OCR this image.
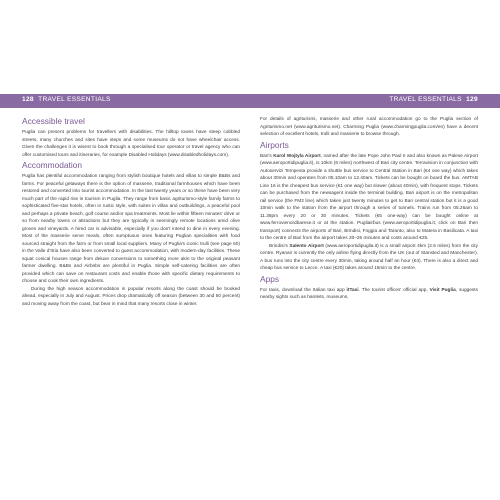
128 TRAVEL ESSENTIALS	TRAVEL ESSENTIALS 129
Accessible travel

Puglia can present problems for travellers with disabilities. The hilltop towns have steep cobbled streets, many churches and sites have steps and some museums do not have wheelchair access. Given the challenges it is wisest to book through a specialised tour operator or travel agency who can offer customised tours and itineraries, for example Disabled Holidays (www.disabledholidays.com).

Accommodation

Puglia has plentiful accommodation ranging from stylish boutique hotels and villas to simple B&Bs and farms. For peaceful getaways there is the option of masserie, traditional farmhouses which have been restored and converted into tourist accommodation. In the last twenty years or so these have been very much part of the rapid rise in tourism in Puglia. They range from basic agriturismo-style family farms to sophisticated five-star hotels, often in rustic style, with suites in villas and outbuildings, a peaceful pool and perhaps a private beach, golf course and/or spa treatments. Most lie within fifteen minutes' drive or so from nearby towns or attractions but they are typically in seemingly remote locations amid olive groves and vineyards. A hired car is advisable, especially if you don't intend to dine in every evening. Most of the masserie serve meals, often sumptuous ones featuring Puglian specialities with food sourced straight from the farm or from small local suppliers. Many of Puglia's iconic trulli (see page 60) in the Valle d'Itria have also been converted to guest accommodation, with modern-day facilities. These squat conical houses range from deluxe conversions to something more akin to the original peasant farmer dwelling. B&Bs and Airbnbs are plentiful in Puglia. Simple self-catering facilities are often provided which can save on restaurant costs and enable those with specific dietary requirements to choose and cook their own ingredients.

During the high season accommodation in popular resorts along the coast should be booked ahead, especially in July and August. Prices drop dramatically off season (between 30 and 50 percent) and moving away from the coast, but bear in mind that many resorts close in winter.

For details of agriturismi, masserie and other rural accommodation go to the Puglia section of Agriturismo.net (www.agriturismo.net). Charming Puglia (www.charmingpuglia.com/en) have a decent selection of excellent hotels, trulli and masserie to browse through.

Airports

Bari's Karol Wojtyla Airport, named after the late Pope John Paul II and also known as Palese Airport (www.aeroportidipuglia.it), is 10km (6 miles) northwest of Bari city centre. Terravision in conjunction with Autoservizi Tempesta provide a shuttle bus service to Central Station in Bari (€4 one way) which takes about 30min and operates from 05.10am to 12.40am. Tickets can be bought on board the bus. AMTAB Line 16 is the cheapest bus service (€1 one way) but slower (about 40min), with frequent stops. Tickets can be purchased from the newsagent inside the terminal building. Bari airport is on the metropolitan rail service (the FM2 line) which takes just twenty minutes to get to Bari central station but it is a good 10min walk to the station from the airport through a series of tunnels. Trains run from 05.26am to 11.38pm every 20 or 30 minutes. Tickets (€5 one-way) can be bought online at www.ferrovienordbarese.it or at the station. Pugliairbus (www.aeroportidipuglia.it; click on Bari then transport) connects the airports of Bari, Brindisi, Foggia and Taranto, also to Matera in Basilicata. A taxi to the centre of Bari from the airport takes 20–25 minutes and costs around €25.

Brindisi's Salento Airport (www.aeroportidipuglia.it) is a small airport 4km (2.5 miles) from the city centre. Ryanair is currently the only airline flying directly from the UK (out of Stansted and Manchester). A bus runs into the city centre every 30min, taking around half an hour (€4). There is also a direct and cheap bus service to Lecce. A taxi (€20) takes around 15min to the centre.

Apps

For taxis, download the Italian taxi app itTaxi. The tourist offices' official app, Visit Puglia, suggests nearby sights such as hamlets, museums,
